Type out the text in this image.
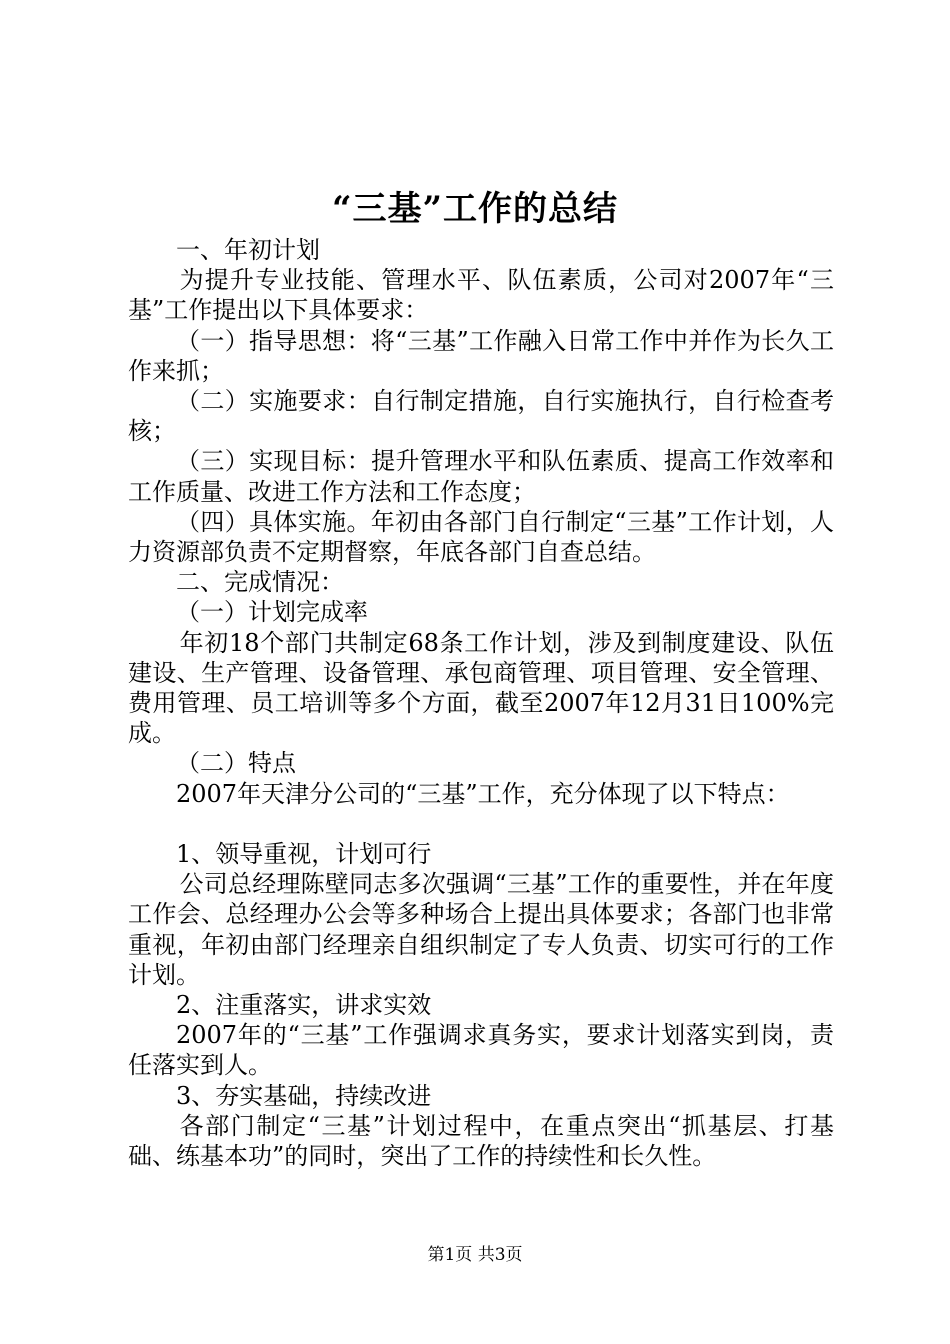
“三基”工作的总结

一、年初计划

为提升专业技能、管理水平、队伍素质，公司对2007年“三基”工作提出以下具体要求：

（一）指导思想：将“三基”工作融入日常工作中并作为长久工作来抓；

（二）实施要求：自行制定措施，自行实施执行，自行检查考核；

（三）实现目标：提升管理水平和队伍素质、提高工作效率和工作质量、改进工作方法和工作态度；

（四）具体实施。年初由各部门自行制定“三基”工作计划，人力资源部负责不定期督察，年底各部门自查总结。

二、完成情况：

（一）计划完成率

年初18个部门共制定68条工作计划，涉及到制度建设、队伍建设、生产管理、设备管理、承包商管理、项目管理、安全管理、费用管理、员工培训等多个方面，截至2007年12月31日100%完成。

（二）特点

2007年天津分公司的“三基”工作，充分体现了以下特点：

1、领导重视，计划可行

公司总经理陈壁同志多次强调“三基”工作的重要性，并在年度工作会、总经理办公会等多种场合上提出具体要求；各部门也非常重视，年初由部门经理亲自组织制定了专人负责、切实可行的工作计划。

2、注重落实，讲求实效

2007年的“三基”工作强调求真务实，要求计划落实到岗，责任落实到人。

3、夯实基础，持续改进

各部门制定“三基”计划过程中，在重点突出“抓基层、打基础、练基本功”的同时，突出了工作的持续性和长久性。

第1页 共3页
